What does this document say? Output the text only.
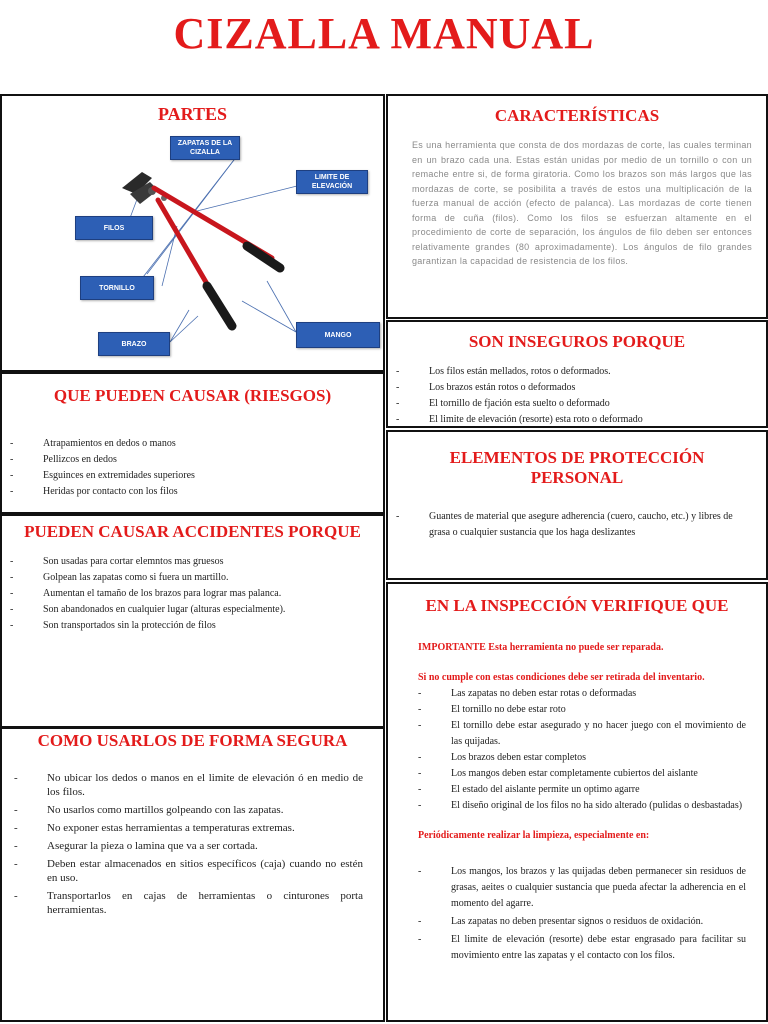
CIZALLA MANUAL
PARTES
ZAPATAS DE LA CIZALLA
LIMITE DE ELEVACIÓN
FILOS
TORNILLO
BRAZO
MANGO
CARACTERÍSTICAS

Es una herramienta que consta de dos mordazas de corte, las cuales terminan en un brazo cada una. Estas están unidas por medio de un tornillo o con un remache entre si, de forma giratoria. Como los brazos son más largos que las mordazas de corte, se posibilita a través de estos una multiplicación de la fuerza manual de acción (efecto de palanca). Las mordazas de corte tienen forma de cuña (filos). Como los filos se esfuerzan altamente en el procedimiento de corte de separación, los ángulos de filo deben ser entonces relativamente grandes (80 aproximadamente). Los ángulos de filo grandes garantizan la capacidad de resistencia de los filos.

SON INSEGUROS PORQUE
- Los filos están mellados, rotos o deformados.
- Los brazos están rotos o deformados
- El tornillo de fjación esta suelto o deformado
- El limite de elevación (resorte) esta roto o deformado
QUE PUEDEN CAUSAR (RIESGOS)
- Atrapamientos en dedos o manos
- Pellizcos en dedos
- Esguinces en extremidades superiores
- Heridas por contacto con los filos
ELEMENTOS DE PROTECCIÓN PERSONAL
- Guantes de material que asegure adherencia (cuero, caucho, etc.) y libres de grasa o cualquier sustancia que los haga deslizantes
PUEDEN CAUSAR ACCIDENTES PORQUE
- Son usadas para cortar elemntos mas gruesos
- Golpean las zapatas como si fuera un martillo.
- Aumentan el tamaño de los brazos para lograr mas palanca.
- Son abandonados en cualquier lugar (alturas especialmente).
- Son transportados sin la protección de filos
EN LA INSPECCIÓN VERIFIQUE QUE

IMPORTANTE Esta herramienta no puede ser reparada.

Si no cumple con estas condiciones debe ser retirada del inventario.

- Las zapatas no deben estar rotas o deformadas
- El tornillo no debe estar roto
- El tornillo debe estar asegurado y no hacer juego con el movimiento de las quijadas.
- Los brazos deben estar completos
- Los mangos deben estar completamente cubiertos del aislante
- El estado del aislante permite un optimo agarre
- El diseño original de los filos no ha sido alterado (pulidas o desbastadas)

Periódicamente realizar la limpieza, especialmente en:

- Los mangos, los brazos y las quijadas deben permanecer sin residuos de grasas, aeites o cualquier sustancia que pueda afectar la adherencia en el momento del agarre.
- Las zapatas no deben presentar signos o residuos de oxidación.
- El limite de elevación (resorte) debe estar engrasado para facilitar su movimiento entre las zapatas y el contacto con los filos.
COMO USARLOS DE FORMA SEGURA
- No ubicar los dedos o manos en el limite de elevación ó en medio de los filos.
- No usarlos como martillos golpeando con las zapatas.
- No exponer estas herramientas a temperaturas extremas.
- Asegurar la pieza o lamina que va a ser cortada.
- Deben estar almacenados en sitios específicos (caja) cuando no estén en uso.
- Transportarlos en cajas de herramientas o cinturones porta herramientas.
